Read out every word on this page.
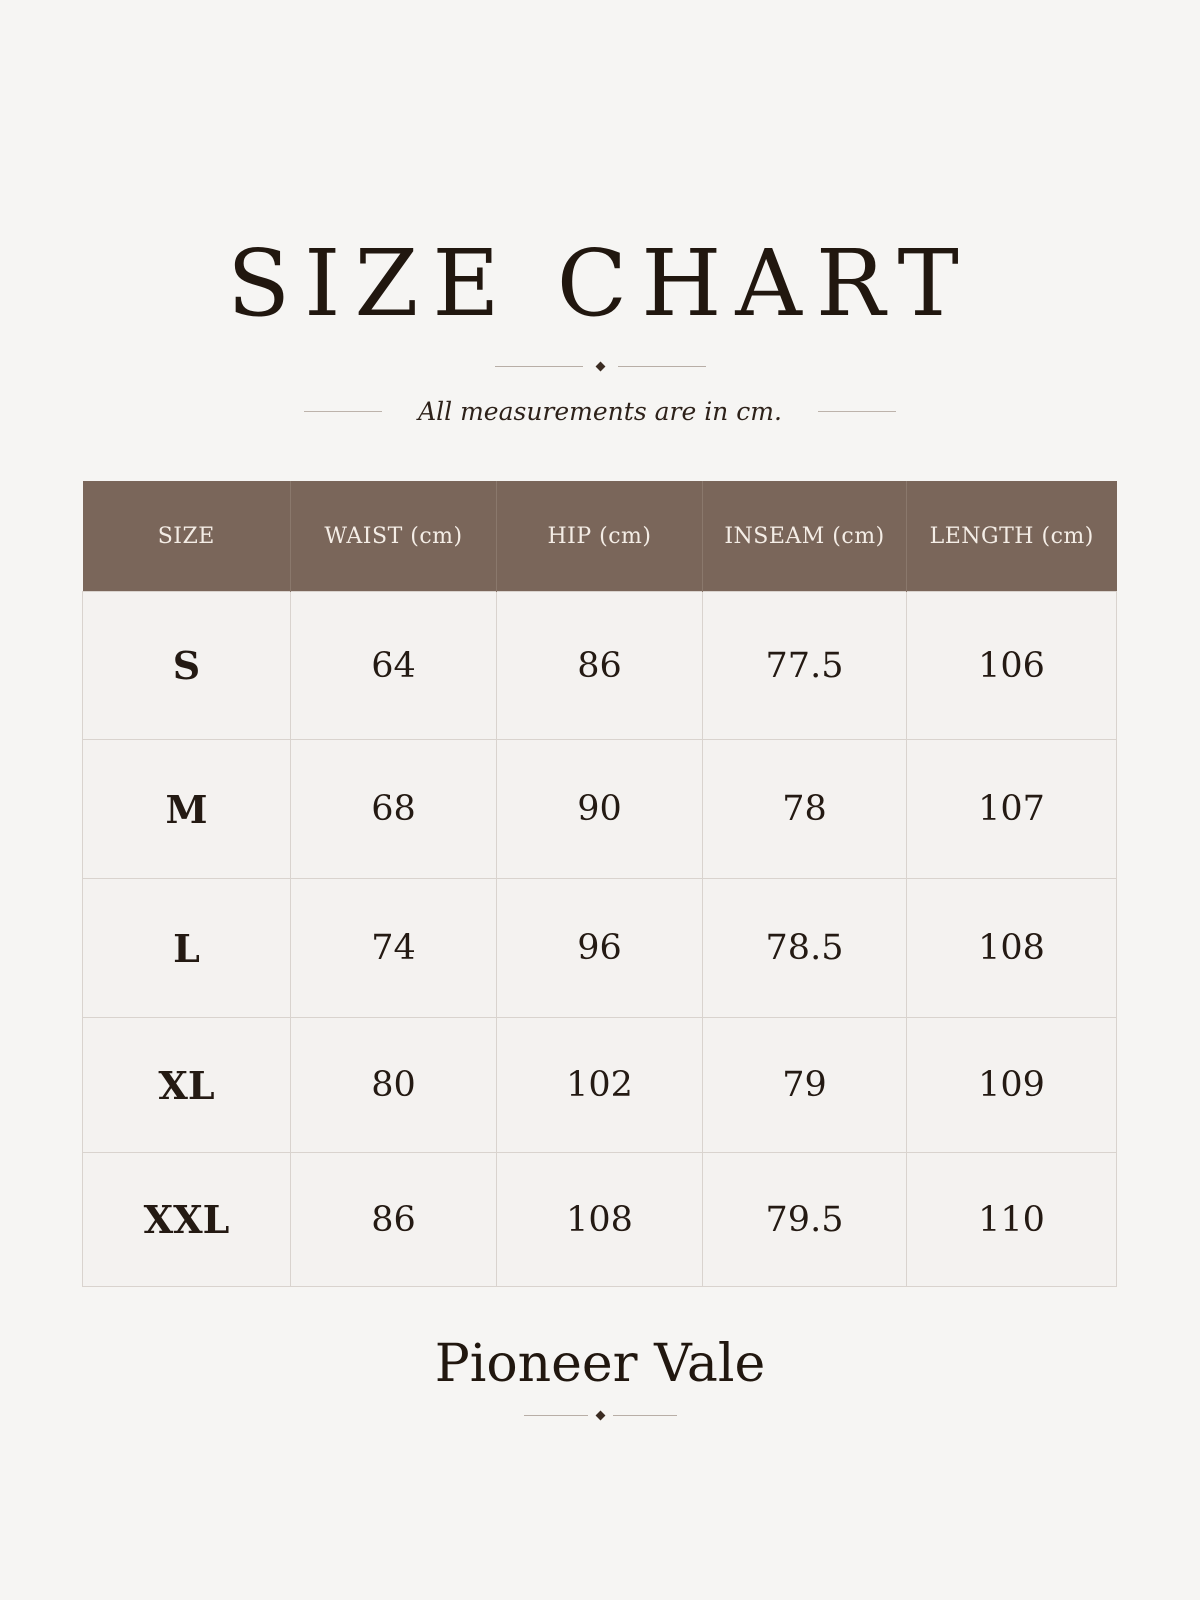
SIZE CHART
All measurements are in cm.
SIZE	WAIST (cm)	HIP (cm)	INSEAM (cm)	LENGTH (cm)
S	64	86	77.5	106
M	68	90	78	107
L	74	96	78.5	108
XL	80	102	79	109
XXL	86	108	79.5	110
Pioneer Vale
